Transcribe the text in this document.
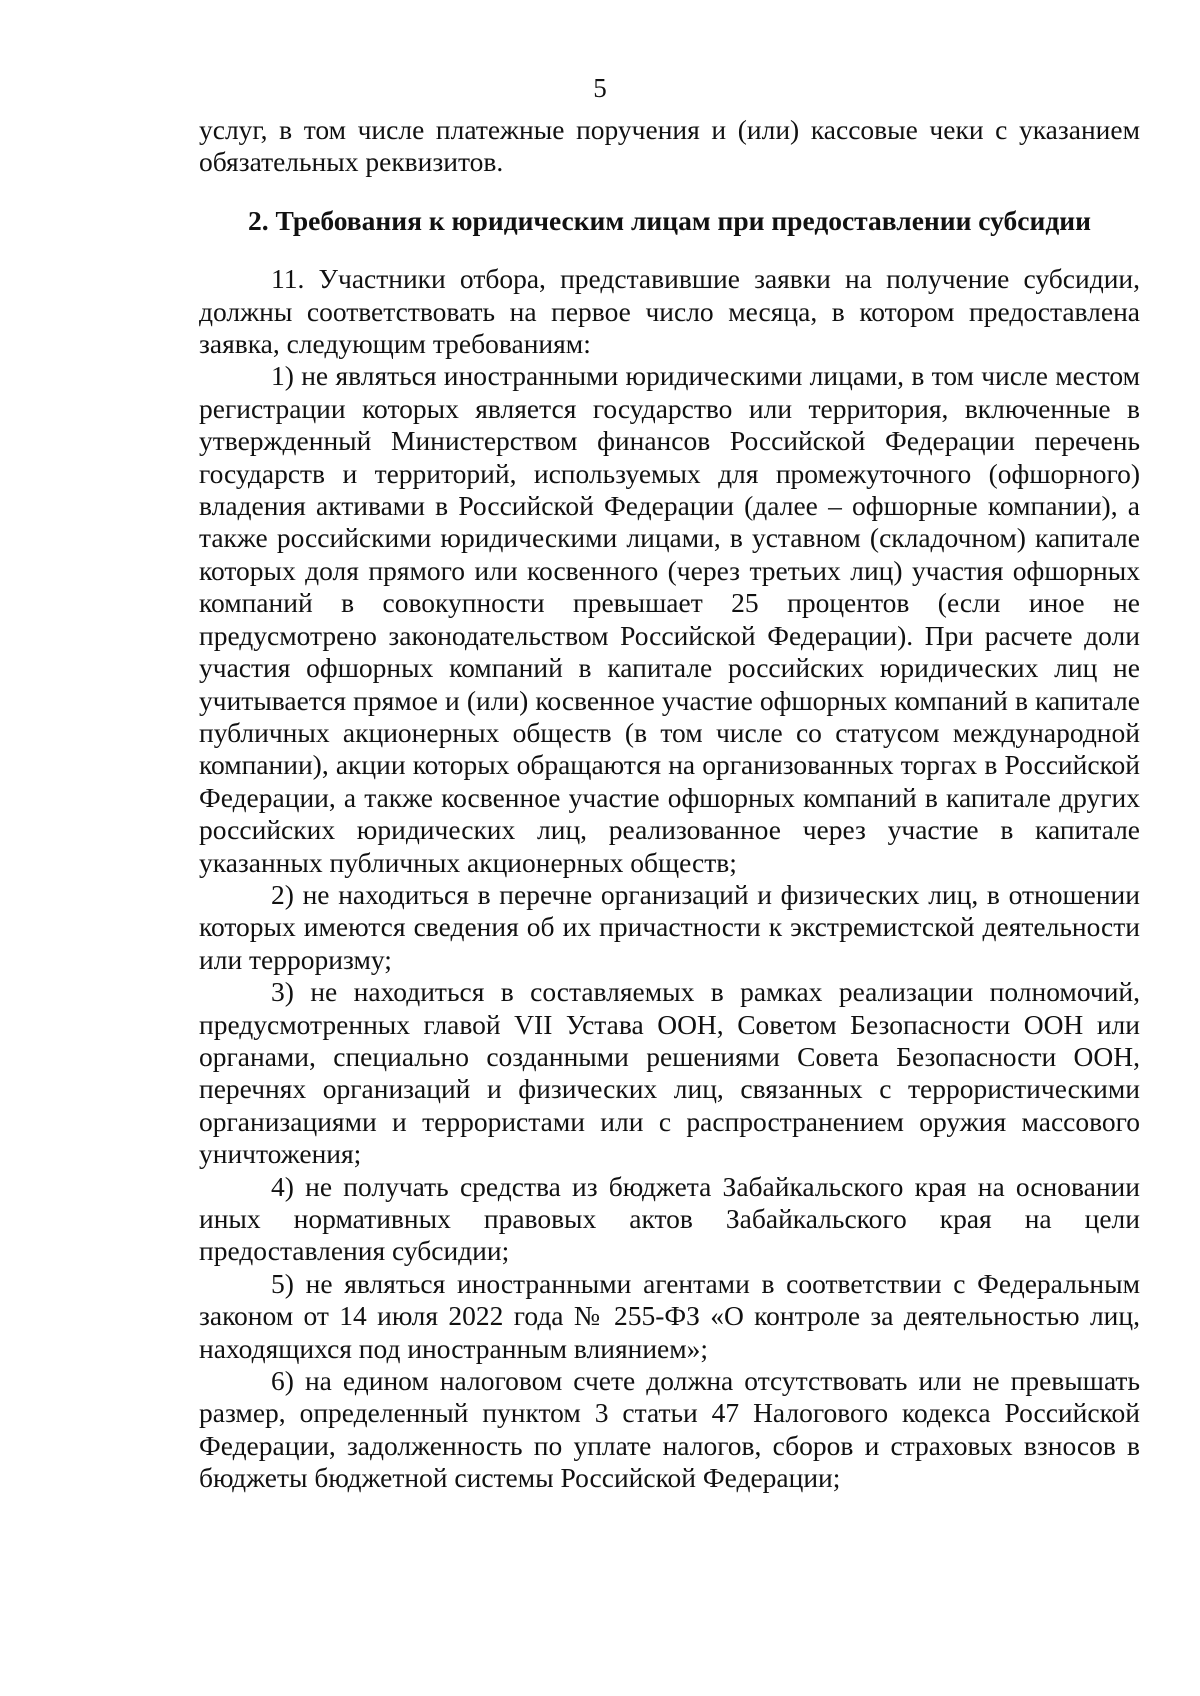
5

услуг, в том числе платежные поручения и (или) кассовые чеки с указанием обязательных реквизитов.

2. Требования к юридическим лицам при предоставлении субсидии

11. Участники отбора, представившие заявки на получение субсидии, должны соответствовать на первое число месяца, в котором предоставлена заявка, следующим требованиям:

1) не являться иностранными юридическими лицами, в том числе местом регистрации которых является государство или территория, включенные в утвержденный Министерством финансов Российской Федерации перечень государств и территорий, используемых для промежуточного (офшорного) владения активами в Российской Федерации (далее – офшорные компании), а также российскими юридическими лицами, в уставном (складочном) капитале которых доля прямого или косвенного (через третьих лиц) участия офшорных компаний в совокупности превышает 25 процентов (если иное не предусмотрено законодательством Российской Федерации). При расчете доли участия офшорных компаний в капитале российских юридических лиц не учитывается прямое и (или) косвенное участие офшорных компаний в капитале публичных акционерных обществ (в том числе со статусом международной компании), акции которых обращаются на организованных торгах в Российской Федерации, а также косвенное участие офшорных компаний в капитале других российских юридических лиц, реализованное через участие в капитале указанных публичных акционерных обществ;

2) не находиться в перечне организаций и физических лиц, в отношении которых имеются сведения об их причастности к экстремистской деятельности или терроризму;

3) не находиться в составляемых в рамках реализации полномочий, предусмотренных главой VII Устава ООН, Советом Безопасности ООН или органами, специально созданными решениями Совета Безопасности ООН, перечнях организаций и физических лиц, связанных с террористическими организациями и террористами или с распространением оружия массового уничтожения;

4) не получать средства из бюджета Забайкальского края на основании иных нормативных правовых актов Забайкальского края на цели предоставления субсидии;

5) не являться иностранными агентами в соответствии с Федеральным законом от 14 июля 2022 года № 255-ФЗ «О контроле за деятельностью лиц, находящихся под иностранным влиянием»;

6) на едином налоговом счете должна отсутствовать или не превышать размер, определенный пунктом 3 статьи 47 Налогового кодекса Российской Федерации, задолженность по уплате налогов, сборов и страховых взносов в бюджеты бюджетной системы Российской Федерации;
